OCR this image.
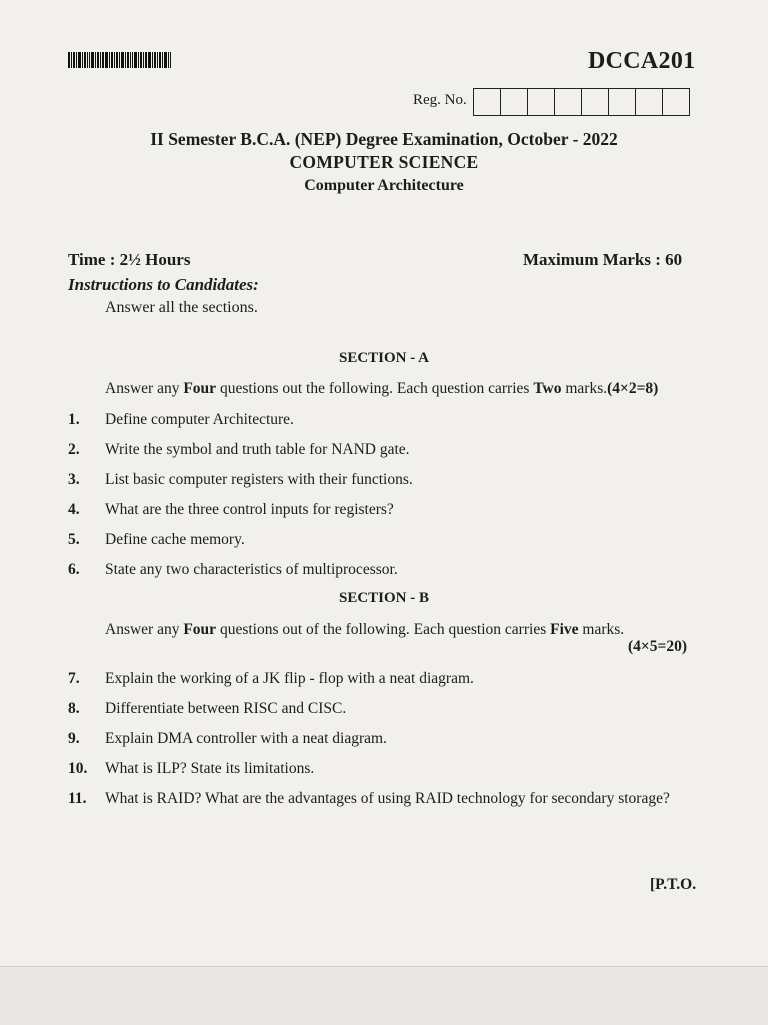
DCCA201
Reg. No.
II Semester B.C.A. (NEP) Degree Examination, October - 2022
COMPUTER SCIENCE
Computer Architecture
Time : 2½ Hours	Maximum Marks : 60
Instructions to Candidates:
Answer all the sections.
SECTION - A
Answer any Four questions out the following. Each question carries Two marks.(4×2=8)
1. Define computer Architecture.
2. Write the symbol and truth table for NAND gate.
3. List basic computer registers with their functions.
4. What are the three control inputs for registers?
5. Define cache memory.
6. State any two characteristics of multiprocessor.
SECTION - B
Answer any Four questions out of the following. Each question carries Five marks.
(4×5=20)
7. Explain the working of a JK flip - flop with a neat diagram.
8. Differentiate between RISC and CISC.
9. Explain DMA controller with a neat diagram.
10. What is ILP? State its limitations.
11. What is RAID? What are the advantages of using RAID technology for secondary storage?
[P.T.O.
